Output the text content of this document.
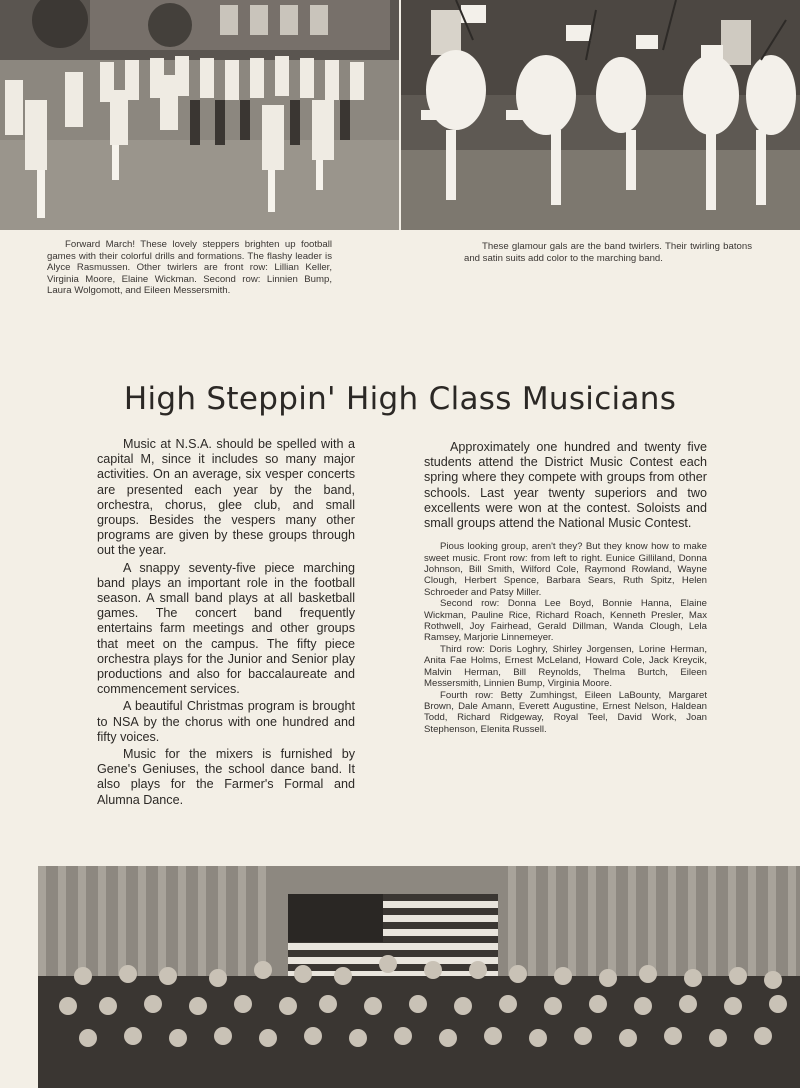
Forward March! These lovely steppers brighten up football games with their colorful drills and formations. The flashy leader is Alyce Rasmussen. Other twirlers are front row: Lillian Keller, Virginia Moore, Elaine Wickman. Second row: Linnien Bump, Laura Wolgomott, and Eileen Messersmith.

These glamour gals are the band twirlers. Their twirling batons and satin suits add color to the marching band.

High Steppin' High Class Musicians

Music at N.S.A. should be spelled with a capital M, since it includes so many major activities. On an average, six vesper concerts are presented each year by the band, orchestra, chorus, glee club, and small groups. Besides the vespers many other programs are given by these groups through out the year.

A snappy seventy-five piece marching band plays an important role in the football season. A small band plays at all basketball games. The concert band frequently entertains farm meetings and other groups that meet on the campus. The fifty piece orchestra plays for the Junior and Senior play productions and also for baccalaureate and commencement services.

A beautiful Christmas program is brought to NSA by the chorus with one hundred and fifty voices.

Music for the mixers is furnished by Gene's Geniuses, the school dance band. It also plays for the Farmer's Formal and Alumna Dance.

Approximately one hundred and twenty five students attend the District Music Contest each spring where they compete with groups from other schools. Last year twenty superiors and two excellents were won at the contest. Soloists and small groups attend the National Music Contest.

Pious looking group, aren't they? But they know how to make sweet music. Front row: from left to right. Eunice Gilliland, Donna Johnson, Bill Smith, Wilford Cole, Raymond Rowland, Wayne Clough, Herbert Spence, Barbara Sears, Ruth Spitz, Helen Schroeder and Patsy Miller.

Second row: Donna Lee Boyd, Bonnie Hanna, Elaine Wickman, Pauline Rice, Richard Roach, Kenneth Presler, Max Rothwell, Joy Fairhead, Gerald Dillman, Wanda Clough, Lela Ramsey, Marjorie Linnemeyer.

Third row: Doris Loghry, Shirley Jorgensen, Lorine Herman, Anita Fae Holms, Ernest McLeland, Howard Cole, Jack Kreycik, Malvin Herman, Bill Reynolds, Thelma Burtch, Eileen Messersmith, Linnien Bump, Virginia Moore.

Fourth row: Betty Zumhingst, Eileen LaBounty, Margaret Brown, Dale Amann, Everett Augustine, Ernest Nelson, Haldean Todd, Richard Ridgeway, Royal Teel, David Work, Joan Stephenson, Elenita Russell.
